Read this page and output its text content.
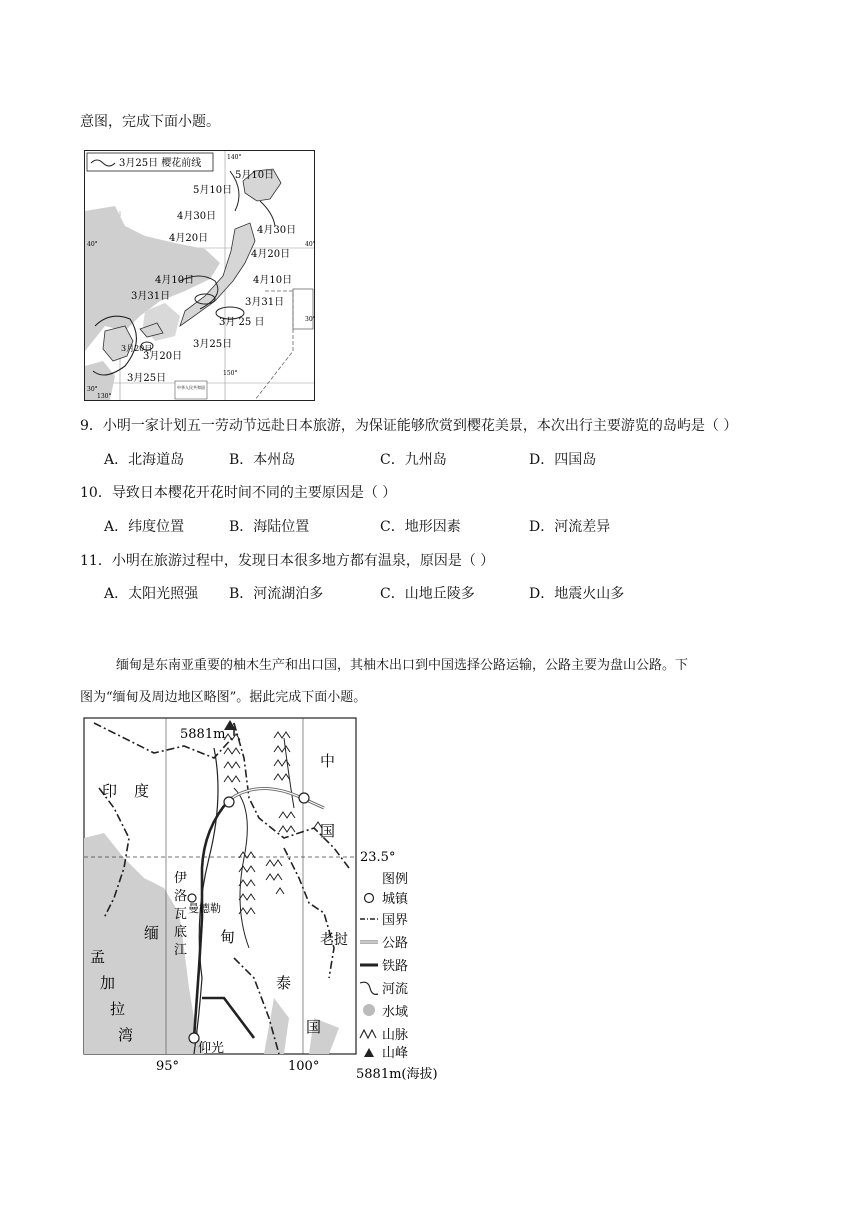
意图，完成下面小题。
3月25日 樱花前线
140°
40°	40°
30°
30°
130°
150°
中华人民共和国
5月10日
5月10日
4月30日
4月30日
4月20日
4月20日
4月10日	4月10日
3月31日
3月31日
3月 25 日
3月25日
3月20日
3月20日
3月25日
9．小明一家计划五一劳动节远赴日本旅游，为保证能够欣赏到樱花美景，本次出行主要游览的岛屿是（ ）
A．北海道岛	B．本州岛	C．九州岛	D．四国岛
10．导致日本樱花开花时间不同的主要原因是（ ）
A．纬度位置	B．海陆位置	C．地形因素	D．河流差异
11．小明在旅游过程中，发现日本很多地方都有温泉，原因是（ ）
A．太阳光照强 B．河流湖泊多	C．山地丘陵多	D．地震火山多
缅甸是东南亚重要的柚木生产和出口国，其柚木出口到中国选择公路运输，公路主要为盘山公路。下
图为“缅甸及周边地区略图”。据此完成下面小题。
5881m
印 度
中
国
缅	甸	老挝
泰
国
孟
加
拉
湾
伊
洛
瓦
底
江
曼德勒
仰光
23.5°
95°	100°
图例
城镇
国界
公路
铁路
河流
水域
山脉
山峰
5881m(海拔)
